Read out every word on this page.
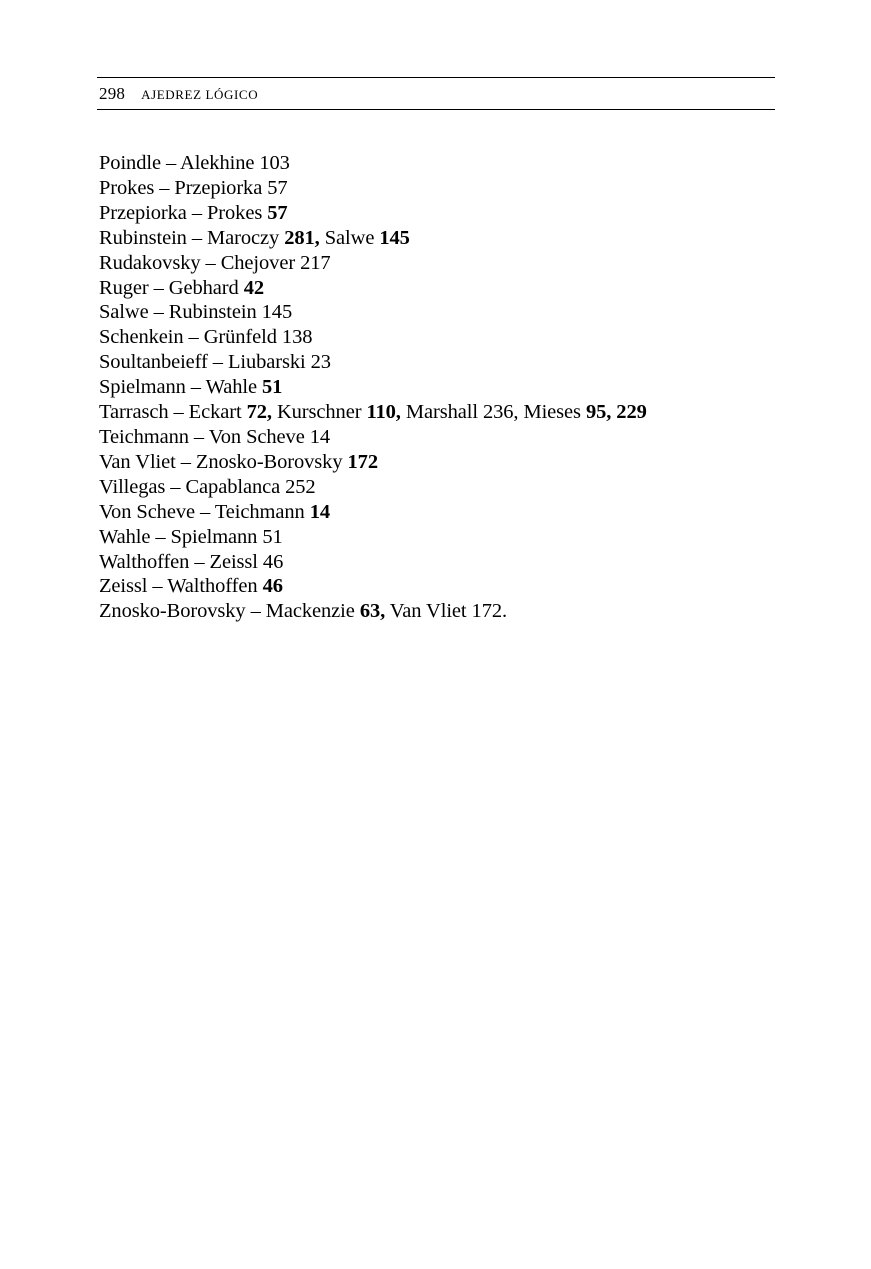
298 AJEDREZ LÓGICO
Poindle – Alekhine 103
Prokes – Przepiorka 57
Przepiorka – Prokes 57
Rubinstein – Maroczy 281, Salwe 145
Rudakovsky – Chejover 217
Ruger – Gebhard 42
Salwe – Rubinstein 145
Schenkein – Grünfeld 138
Soultanbeieff – Liubarski 23
Spielmann – Wahle 51
Tarrasch – Eckart 72, Kurschner 110, Marshall 236, Mieses 95, 229
Teichmann – Von Scheve 14
Van Vliet – Znosko-Borovsky 172
Villegas – Capablanca 252
Von Scheve – Teichmann 14
Wahle – Spielmann 51
Walthoffen – Zeissl 46
Zeissl – Walthoffen 46
Znosko-Borovsky – Mackenzie 63, Van Vliet 172.
